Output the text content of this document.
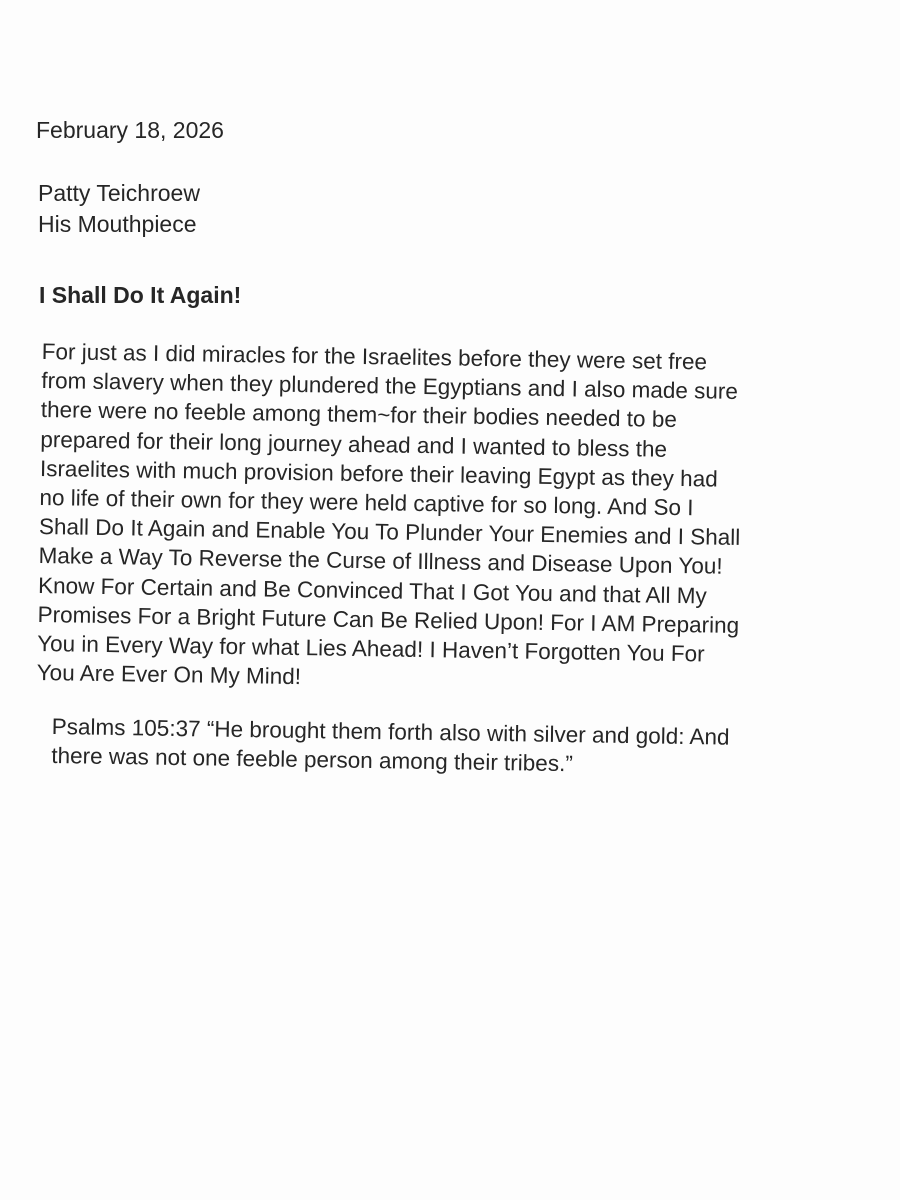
February 18, 2026
Patty Teichroew
His Mouthpiece
I Shall Do It Again!
For just as I did miracles for the Israelites before they were set free
from slavery when they plundered the Egyptians and I also made sure
there were no feeble among them~for their bodies needed to be
prepared for their long journey ahead and I wanted to bless the
Israelites with much provision before their leaving Egypt as they had
no life of their own for they were held captive for so long. And So I
Shall Do It Again and Enable You To Plunder Your Enemies and I Shall
Make a Way To Reverse the Curse of Illness and Disease Upon You!
Know For Certain and Be Convinced That I Got You and that All My
Promises For a Bright Future Can Be Relied Upon! For I AM Preparing
You in Every Way for what Lies Ahead! I Haven’t Forgotten You For
You Are Ever On My Mind!
Psalms 105:37 “He brought them forth also with silver and gold: And
there was not one feeble person among their tribes.”
